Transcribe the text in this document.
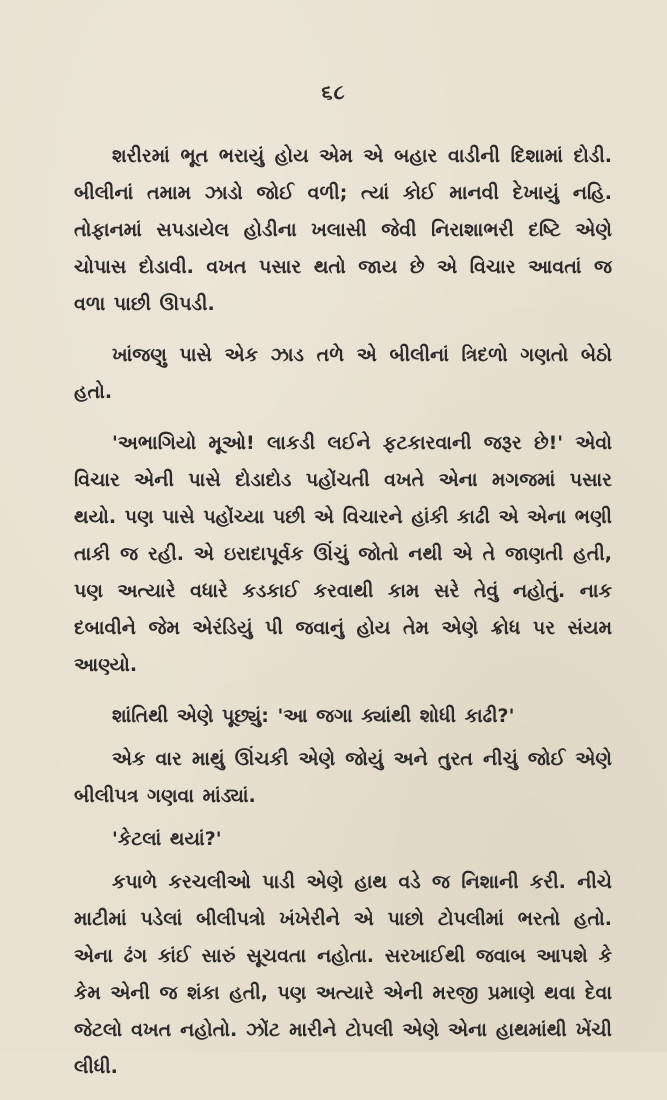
૬૮

શરીરમાં ભૂત ભરાયું હોય એમ એ બહાર વાડીની દિશામાં દોડી. બીલીનાં તમામ ઝાડો જોઈ વળી; ત્યાં કોઈ માનવી દેખાયું નહિ. તોફાનમાં સપડાયેલ હોડીના ખલાસી જેવી નિરાશાભરી દષ્ટિ એણે ચોપાસ દોડાવી. વખત પસાર થતો જાય છે એ વિચાર આવતાં જ વળા પાછી ઊપડી.

ખાંજણુ પાસે એક ઝાડ તળે એ બીલીનાં ત્રિદળો ગણતો બેઠો હતો.

'અભાગિયો મૂઓ! લાકડી લઈને ફટકારવાની જરૂર છે!' એવો વિચાર એની પાસે દોડાદોડ પહોંચતી વખતે એના મગજમાં પસાર થયો. પણ પાસે પહોંચ્યા પછી એ વિચારને હાંકી કાઢી એ એના ભણી તાકી જ રહી. એ ઇરાદાપૂર્વક ઊંચું જોતો નથી એ તે જાણતી હતી, પણ અત્યારે વધારે કડકાઈ કરવાથી કામ સરે તેવું નહોતું. નાક દબાવીને જેમ એરંડિયું પી જવાનું હોય તેમ એણે ક્રોધ પર સંયમ આણ્યો.

શાંતિથી એણે પૂછ્યું: 'આ જગા ક્યાંથી શોધી કાઢી?'

એક વાર માથું ઊંચકી એણે જોયું અને તુરત નીચું જોઈ એણે બીલીપત્ર ગણવા માંડ્યાં.

'કેટલાં થયાં?'

કપાળે કરચલીઓ પાડી એણે હાથ વડે જ નિશાની કરી. નીચે માટીમાં પડેલાં બીલીપત્રો ખંખેરીને એ પાછો ટોપલીમાં ભરતો હતો. એના ઢંગ કાંઈ સારું સૂચવતા નહોતા. સરખાઈથી જવાબ આપશે કે કેમ એની જ શંકા હતી, પણ અત્યારે એની મરજી પ્રમાણે થવા દેવા જેટલો વખત નહોતો. ઝોંટ મારીને ટોપલી એણે એના હાથમાંથી ખેંચી લીધી.
